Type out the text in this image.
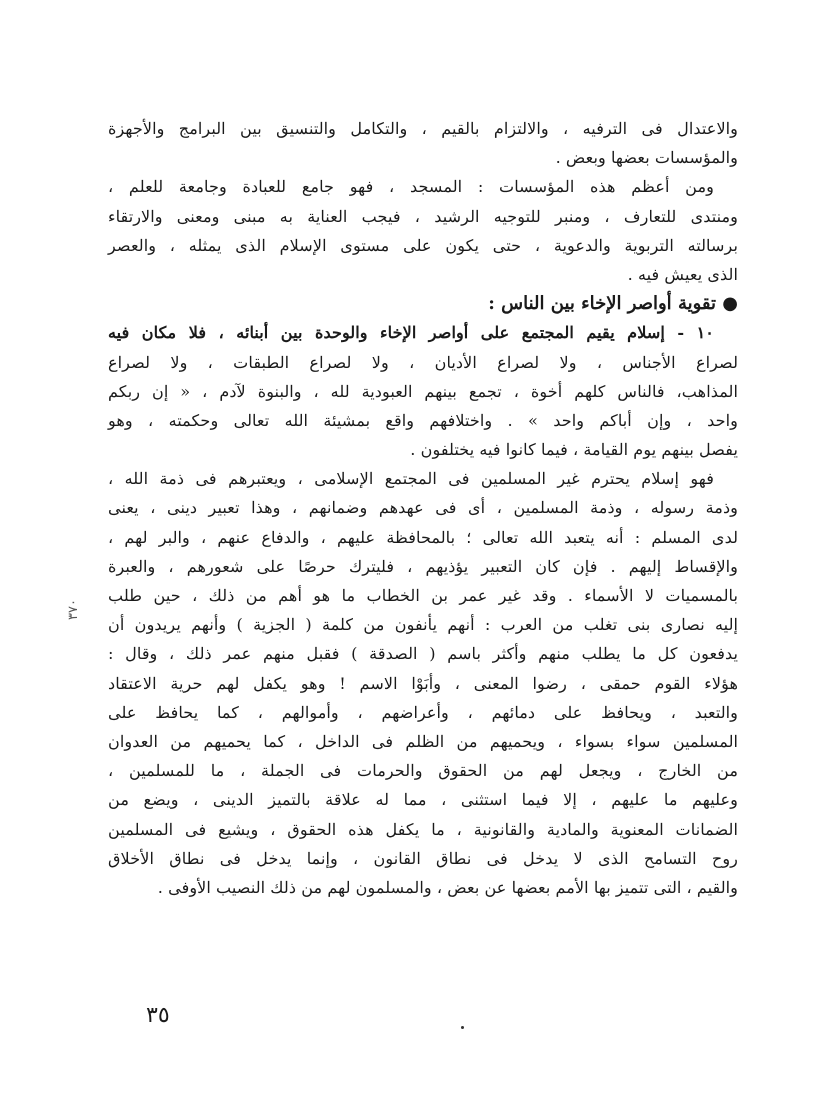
والاعتدال فى الترفيه ، والالتزام بالقيم ، والتكامل والتنسيق بين البرامج والأجهزة
والمؤسسات بعضها وبعض .
ومن أعظم هذه المؤسسات : المسجد ، فهو جامع للعبادة وجامعة للعلم ،
ومنتدى للتعارف ، ومنبر للتوجيه الرشيد ، فيجب العناية به مبنى ومعنى والارتقاء
برسالته التربوية والدعوية ، حتى يكون على مستوى الإسلام الذى يمثله ، والعصر
الذى يعيش فيه .
● تقوية أواصر الإخاء بين الناس :
١٠ - إسلام يقيم المجتمع على أواصر الإخاء والوحدة بين أبنائه ، فلا مكان فيه
لصراع الأجناس ، ولا لصراع الأديان ، ولا لصراع الطبقات ، ولا لصراع
المذاهب، فالناس كلهم أخوة ، تجمع بينهم العبودية لله ، والبنوة لآدم ، « إن ربكم
واحد ، وإن أباكم واحد » . واختلافهم واقع بمشيئة الله تعالى وحكمته ، وهو
يفصل بينهم يوم القيامة ، فيما كانوا فيه يختلفون .
فهو إسلام يحترم غير المسلمين فى المجتمع الإسلامى ، ويعتبرهم فى ذمة الله ،
وذمة رسوله ، وذمة المسلمين ، أى فى عهدهم وضمانهم ، وهذا تعبير دينى ، يعنى
لدى المسلم : أنه يتعبد الله تعالى ؛ بالمحافظة عليهم ، والدفاع عنهم ، والبر لهم ،
والإقساط إليهم . فإن كان التعبير يؤذيهم ، فليترك حرصًا على شعورهم ، والعبرة
بالمسميات لا الأسماء . وقد غير عمر بن الخطاب ما هو أهم من ذلك ، حين طلب
إليه نصارى بنى تغلب من العرب : أنهم يأنفون من كلمة ( الجزية ) وأنهم يريدون أن
يدفعون كل ما يطلب منهم وأكثر باسم ( الصدقة ) فقبل منهم عمر ذلك ، وقال :
هؤلاء القوم حمقى ، رضوا المعنى ، وأبَوْا الاسم ! وهو يكفل لهم حرية الاعتقاد
والتعبد ، ويحافظ على دمائهم ، وأعراضهم ، وأموالهم ، كما يحافظ على
المسلمين سواء بسواء ، ويحميهم من الظلم فى الداخل ، كما يحميهم من العدوان
من الخارج ، ويجعل لهم من الحقوق والحرمات فى الجملة ، ما للمسلمين ،
وعليهم ما عليهم ، إلا فيما استثنى ، مما له علاقة بالتميز الدينى ، ويضع من
الضمانات المعنوية والمادية والقانونية ، ما يكفل هذه الحقوق ، ويشيع فى المسلمين
روح التسامح الذى لا يدخل فى نطاق القانون ، وإنما يدخل فى نطاق الأخلاق
والقيم ، التى تتميز بها الأمم بعضها عن بعض ، والمسلمون لهم من ذلك النصيب الأوفى .
٣٥
٣٧٠
